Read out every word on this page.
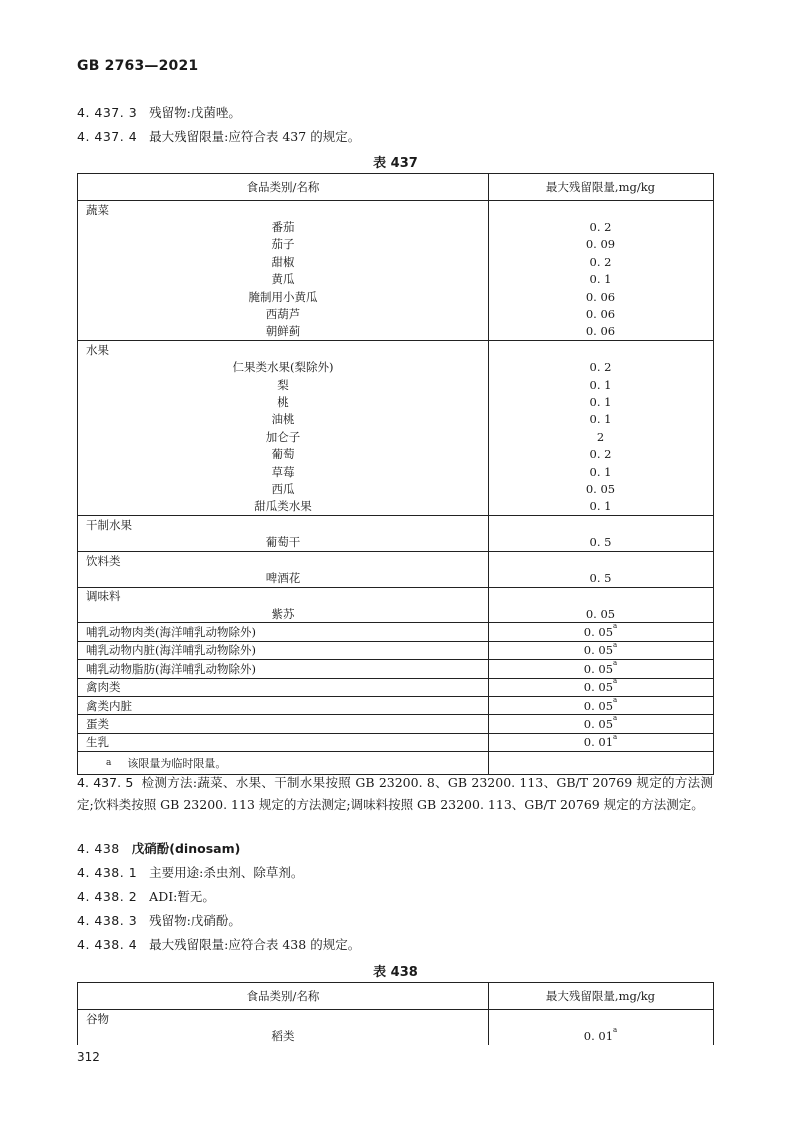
GB 2763—2021
4. 437. 3 残留物:戊菌唑。
4. 437. 4 最大残留限量:应符合表 437 的规定。
表 437
食品类别/名称	最大残留限量,mg/kg
蔬菜
番茄	0. 2
茄子	0. 09
甜椒	0. 2
黄瓜	0. 1
腌制用小黄瓜	0. 06
西葫芦	0. 06
朝鲜蓟	0. 06
水果
仁果类水果(梨除外)	0. 2
梨	0. 1
桃	0. 1
油桃	0. 1
加仑子	2
葡萄	0. 2
草莓	0. 1
西瓜	0. 05
甜瓜类水果	0. 1
干制水果
葡萄干	0. 5
饮料类
啤酒花	0. 5
调味料
紫苏	0. 05
哺乳动物肉类(海洋哺乳动物除外)	0. 05$^a$
哺乳动物内脏(海洋哺乳动物除外)	0. 05$^a$
哺乳动物脂肪(海洋哺乳动物除外)	0. 05$^a$
禽肉类	0. 05$^a$
禽类内脏	0. 05$^a$
蛋类	0. 05$^a$
生乳	0. 01$^a$
a 该限量为临时限量。
4. 437. 5 检测方法:蔬菜、水果、干制水果按照 GB 23200. 8、GB 23200. 113、GB/T 20769 规定的方法测定;饮料类按照 GB 23200. 113 规定的方法测定;调味料按照 GB 23200. 113、GB/T 20769 规定的方法测定。
4. 438 戊硝酚(dinosam)
4. 438. 1 主要用途:杀虫剂、除草剂。
4. 438. 2 ADI:暂无。
4. 438. 3 残留物:戊硝酚。
4. 438. 4 最大残留限量:应符合表 438 的规定。
表 438
食品类别/名称	最大残留限量,mg/kg
谷物
稻类	0. 01$^a$
312
